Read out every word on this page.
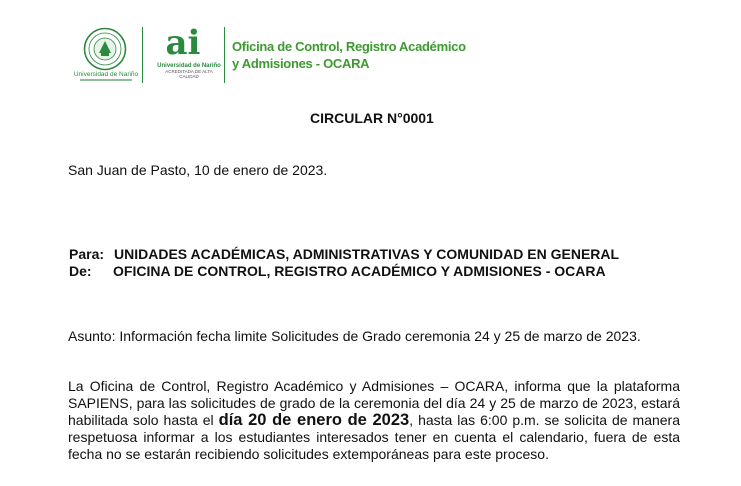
Universidad de Nariño
ai
Universidad de Nariño
ACREDITADA DE ALTA CALIDAD
Oficina de Control, Registro Académico
y Admisiones - OCARA
CIRCULAR N°0001
San Juan de Pasto, 10 de enero de 2023.
Para: UNIDADES ACADÉMICAS, ADMINISTRATIVAS Y COMUNIDAD EN GENERAL
De: OFICINA DE CONTROL, REGISTRO ACADÉMICO Y ADMISIONES - OCARA
Asunto: Información fecha limite Solicitudes de Grado ceremonia 24 y 25 de marzo de 2023.
La Oficina de Control, Registro Académico y Admisiones – OCARA, informa que la plataforma SAPIENS, para las solicitudes de grado de la ceremonia del día 24 y 25 de marzo de 2023, estará habilitada solo hasta el día 20 de enero de 2023, hasta las 6:00 p.m. se solicita de manera respetuosa informar a los estudiantes interesados tener en cuenta el calendario, fuera de esta fecha no se estarán recibiendo solicitudes extemporáneas para este proceso.
